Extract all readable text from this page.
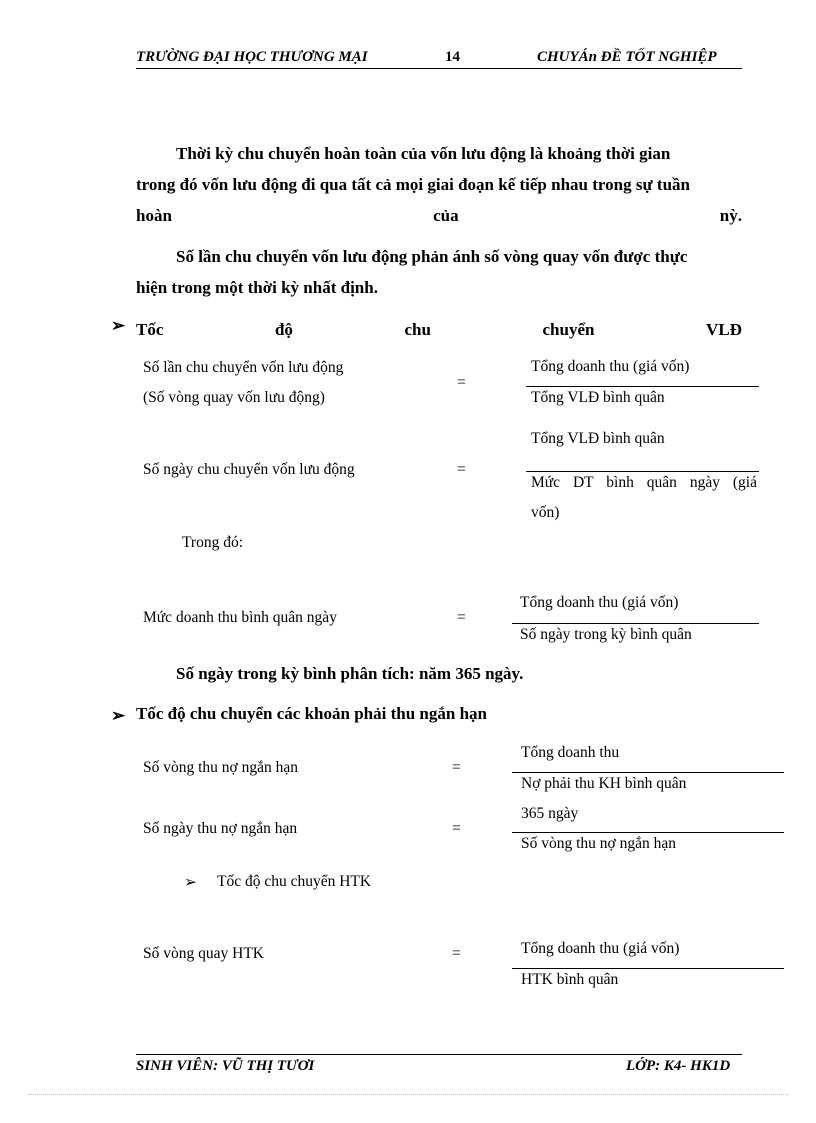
TRƯỜNG ĐẠI HỌC THƯƠNG MẠI	14	CHUYÁn ĐỀ TỐT NGHIỆP
Thời kỳ chu chuyển hoàn toàn của vốn lưu động là khoảng thời gian
trong đó vốn lưu động đi qua tất cả mọi giai đoạn kế tiếp nhau trong sự tuần
hoàn	của	nỳ.
Số lần chu chuyển vốn lưu động phản ánh số vòng quay vốn được thực
hiện trong một thời kỳ nhất định.
➢ Tốc	độ	chu	chuyển	VLĐ
Số lần chu chuyển vốn lưu động
(Số vòng quay vốn lưu động)
=
Tổng doanh thu (giá vốn)
Tổng VLĐ bình quân
Tổng VLĐ bình quân
Số ngày chu chuyển vốn lưu động	=
Mức DT bình quân ngày (giá
vốn)
Trong đó:
Tổng doanh thu (giá vốn)
Mức doanh thu bình quân ngày	=
Số ngày trong kỳ bình quân
Số ngày trong kỳ bình phân tích: năm 365 ngày.
➢ Tốc độ chu chuyển các khoản phải thu ngắn hạn
Tổng doanh thu
Số vòng thu nợ ngắn hạn	=
Nợ phải thu KH bình quân
365 ngày
Số ngày thu nợ ngắn hạn	=
Số vòng thu nợ ngắn hạn
➢ Tốc độ chu chuyển HTK
Tổng doanh thu (giá vốn)
Số vòng quay HTK	=
HTK bình quân
SINH VIÊN: VŨ THỊ TƯƠI	LỚP: K4- HK1D
